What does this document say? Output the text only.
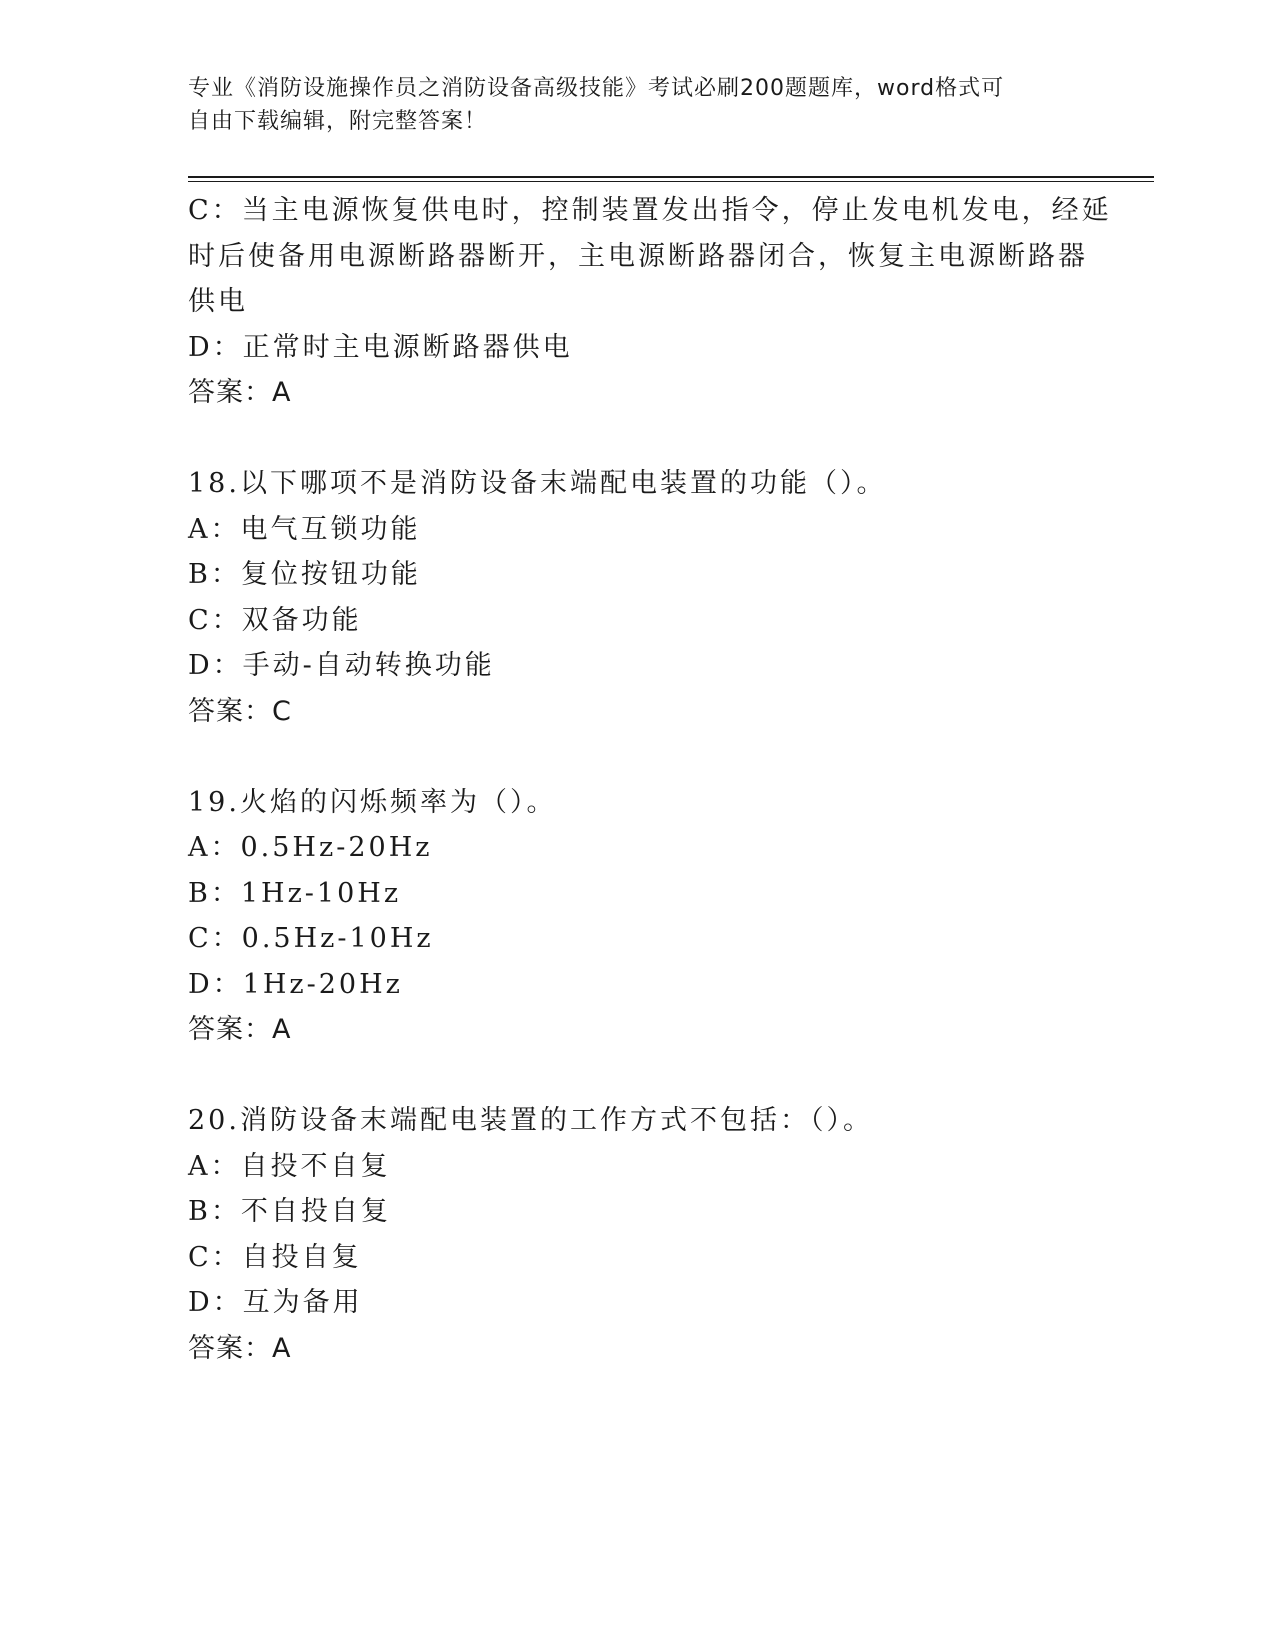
专业《消防设施操作员之消防设备高级技能》考试必刷200题题库，word格式可
自由下载编辑，附完整答案！
C：当主电源恢复供电时，控制装置发出指令，停止发电机发电，经延
时后使备用电源断路器断开，主电源断路器闭合，恢复主电源断路器
供电
D：正常时主电源断路器供电
答案：A
18.以下哪项不是消防设备末端配电装置的功能（）。
A：电气互锁功能
B：复位按钮功能
C：双备功能
D：手动-自动转换功能
答案：C
19.火焰的闪烁频率为（）。
A：0.5Hz-20Hz
B：1Hz-10Hz
C：0.5Hz-10Hz
D：1Hz-20Hz
答案：A
20.消防设备末端配电装置的工作方式不包括：（）。
A：自投不自复
B：不自投自复
C：自投自复
D：互为备用
答案：A
